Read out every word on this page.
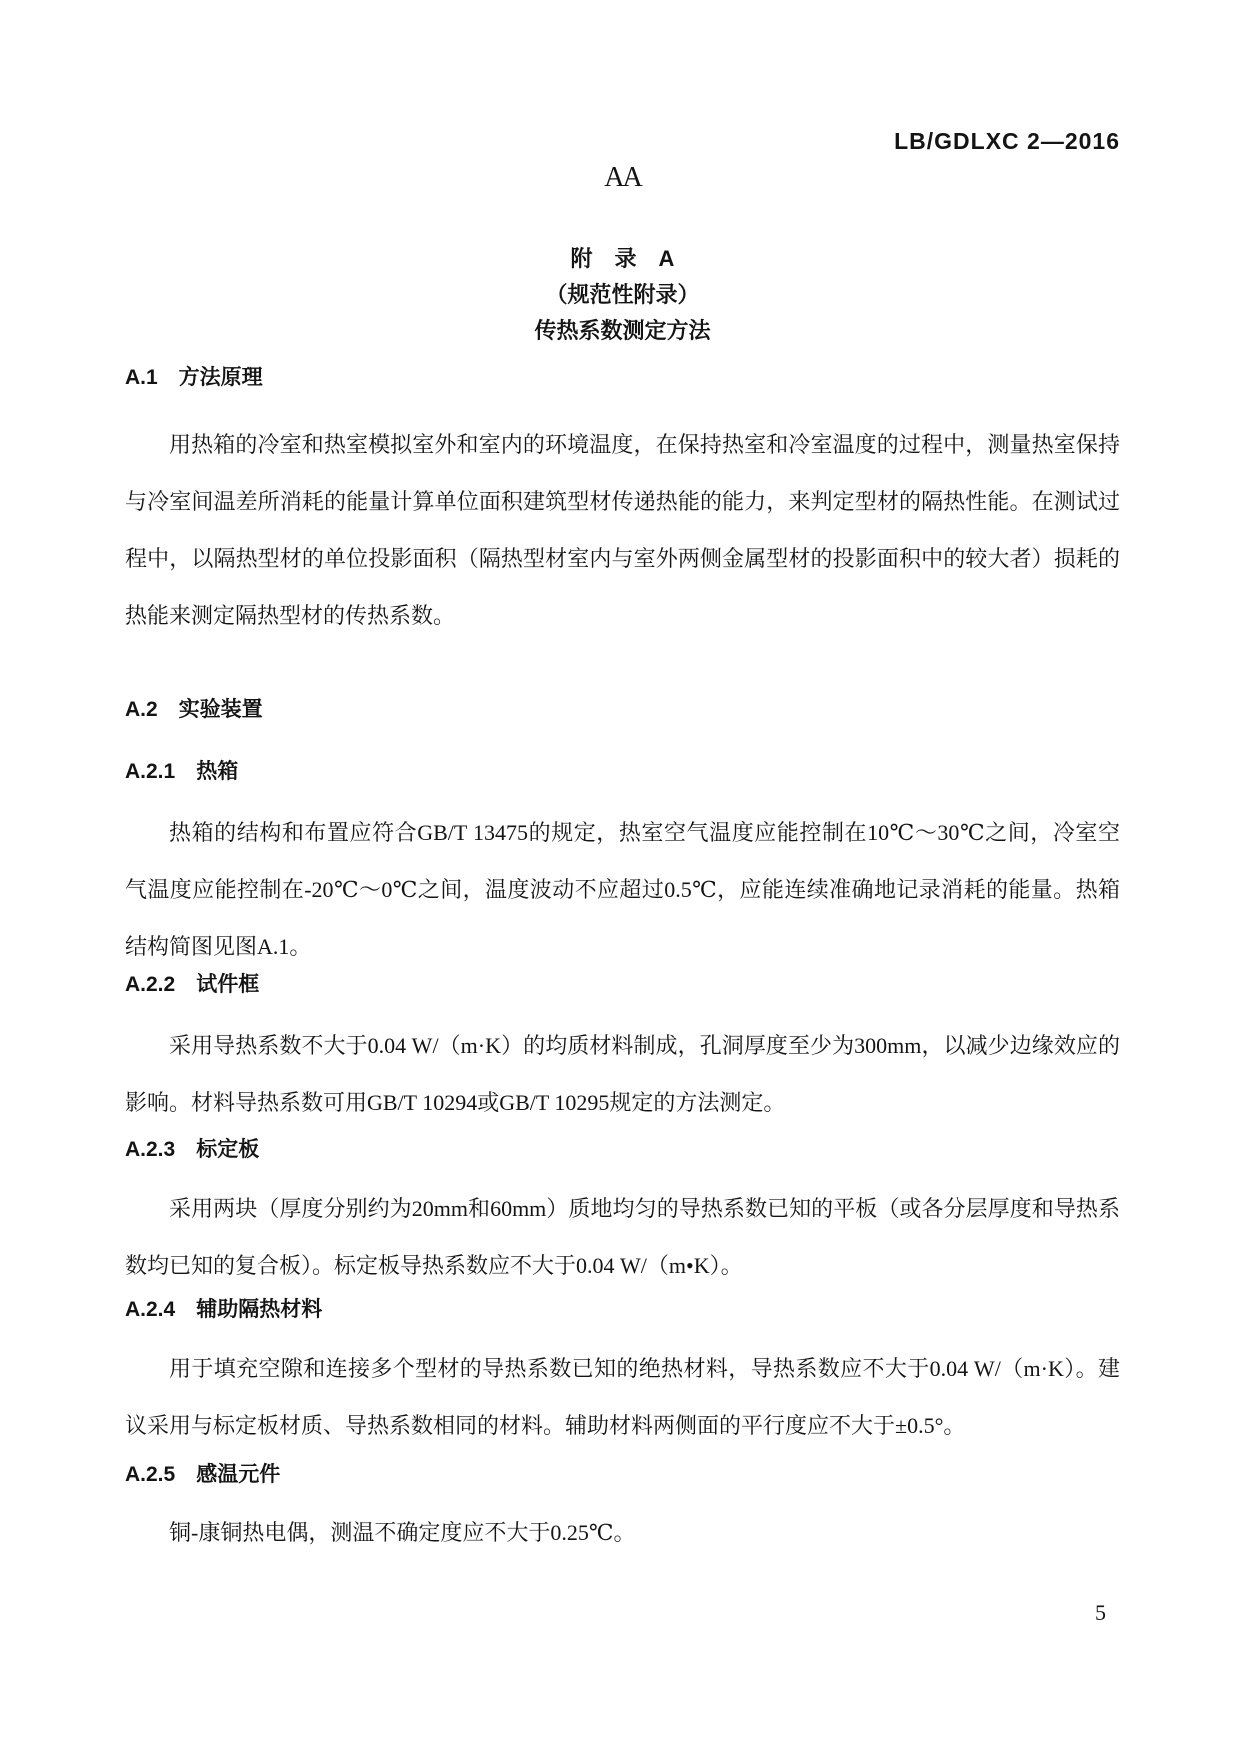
LB/GDLXC 2—2016
AA
附　录　A
（规范性附录）
传热系数测定方法
A.1　方法原理
用热箱的冷室和热室模拟室外和室内的环境温度，在保持热室和冷室温度的过程中，测量热室保持与冷室间温差所消耗的能量计算单位面积建筑型材传递热能的能力，来判定型材的隔热性能。在测试过程中，以隔热型材的单位投影面积（隔热型材室内与室外两侧金属型材的投影面积中的较大者）损耗的热能来测定隔热型材的传热系数。
A.2　实验装置
A.2.1　热箱
热箱的结构和布置应符合GB/T 13475的规定，热室空气温度应能控制在10℃～30℃之间，冷室空气温度应能控制在-20℃～0℃之间，温度波动不应超过0.5℃，应能连续准确地记录消耗的能量。热箱结构简图见图A.1。
A.2.2　试件框
采用导热系数不大于0.04 W/（m·K）的均质材料制成，孔洞厚度至少为300mm，以减少边缘效应的影响。材料导热系数可用GB/T 10294或GB/T 10295规定的方法测定。
A.2.3　标定板
采用两块（厚度分别约为20mm和60mm）质地均匀的导热系数已知的平板（或各分层厚度和导热系数均已知的复合板）。标定板导热系数应不大于0.04 W/（m•K）。
A.2.4　辅助隔热材料
用于填充空隙和连接多个型材的导热系数已知的绝热材料，导热系数应不大于0.04 W/（m·K）。建议采用与标定板材质、导热系数相同的材料。辅助材料两侧面的平行度应不大于±0.5°。
A.2.5　感温元件
铜-康铜热电偶，测温不确定度应不大于0.25℃。
5
